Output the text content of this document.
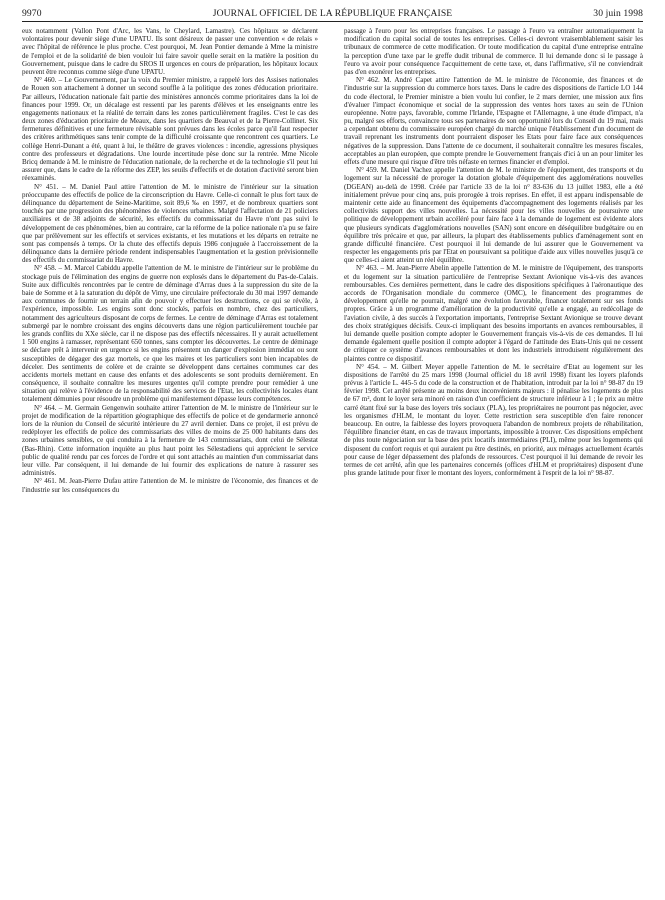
9970	JOURNAL OFFICIEL DE LA RÉPUBLIQUE FRANÇAISE	30 juin 1998

eux notamment (Vallon Pont d'Arc, les Vans, le Cheylard, Lamastre). Ces hôpitaux se déclarent volontaires pour devenir siège d'une UPATU. Ils sont désireux de passer une convention « de relais » avec l'hôpital de référence le plus proche. C'est pourquoi, M. Jean Pontier demande à Mme la ministre de l'emploi et de la solidarité de bien vouloir lui faire savoir quelle serait en la matière la position du Gouvernement, puisque dans le cadre du SROS II urgences en cours de préparation, les hôpitaux locaux peuvent être reconnus comme siège d'une UPATU.

N° 460. – Le Gouvernement, par la voix du Premier ministre, a rappelé lors des Assises nationales de Rouen son attachement à donner un second souffle à la politique des zones d'éducation prioritaire. Par ailleurs, l'éducation nationale fait partie des ministères annoncés comme prioritaires dans la loi de finances pour 1999. Or, un décalage est ressenti par les parents d'élèves et les enseignants entre les engagements nationaux et la réalité de terrain dans les zones particulièrement fragiles. C'est le cas des deux zones d'éducation prioritaire de Meaux, dans les quartiers de Beauval et de la Pierre-Collinet. Six fermetures définitives et une fermeture révisable sont prévues dans les écoles parce qu'il faut respecter des critères arithmétiques sans tenir compte de la difficulté croissante que rencontrent ces quartiers. Le collège Henri-Dunant a été, quant à lui, le théâtre de graves violences : incendie, agressions physiques contre des professeurs et dégradations. Une lourde incertitude pèse donc sur la rentrée. Mme Nicole Bricq demande à M. le ministre de l'éducation nationale, de la recherche et de la technologie s'il peut lui assurer que, dans le cadre de la réforme des ZEP, les seuils d'effectifs et de dotation d'activité seront bien réexaminés.

N° 451. – M. Daniel Paul attire l'attention de M. le ministre de l'intérieur sur la situation préoccupante des effectifs de police de la circonscription du Havre. Celle-ci connaît le plus fort taux de délinquance du département de Seine-Maritime, soit 89,6 ‰ en 1997, et de nombreux quartiers sont touchés par une progression des phénomènes de violences urbaines. Malgré l'affectation de 21 policiers auxiliaires et de 38 adjoints de sécurité, les effectifs du commissariat du Havre n'ont pas suivi le développement de ces phénomènes, bien au contraire, car la réforme de la police nationale n'a pu se faire que par prélèvement sur les effectifs et services existants, et les mutations et les départs en retraite ne sont pas compensés à temps. Or la chute des effectifs depuis 1986 conjuguée à l'accroissement de la délinquance dans la dernière période rendent indispensables l'augmentation et la gestion prévisionnelle des effectifs du commissariat du Havre.

N° 458. – M. Marcel Cabiddu appelle l'attention de M. le ministre de l'intérieur sur le problème du stockage puis de l'élimination des engins de guerre non explosés dans le département du Pas-de-Calais. Suite aux difficultés rencontrées par le centre de déminage d'Arras dues à la suppression du site de la baie de Somme et à la saturation du dépôt de Vimy, une circulaire préfectorale du 30 mai 1997 demande aux communes de fournir un terrain afin de pouvoir y effectuer les destructions, ce qui se révèle, à l'expérience, impossible. Les engins sont donc stockés, parfois en nombre, chez des particuliers, notamment des agriculteurs disposant de corps de fermes. Le centre de déminage d'Arras est totalement submergé par le nombre croissant des engins découverts dans une région particulièrement touchée par les grands conflits du XXe siècle, car il ne dispose pas des effectifs nécessaires. Il y aurait actuellement 1 500 engins à ramasser, représentant 650 tonnes, sans compter les découvertes. Le centre de déminage se déclare prêt à intervenir en urgence si les engins présentent un danger d'explosion immédiat ou sont susceptibles de dégager des gaz mortels, ce que les maires et les particuliers sont bien incapables de déceler. Des sentiments de colère et de crainte se développent dans certaines communes car des accidents mortels mettant en cause des enfants et des adolescents se sont produits dernièrement. En conséquence, il souhaite connaître les mesures urgentes qu'il compte prendre pour remédier à une situation qui relève à l'évidence de la responsabilité des services de l'Etat, les collectivités locales étant totalement démunies pour résoudre un problème qui manifestement dépasse leurs compétences.

N° 464. – M. Germain Gengenwin souhaite attirer l'attention de M. le ministre de l'intérieur sur le projet de modification de la répartition géographique des effectifs de police et de gendarmerie annoncé lors de la réunion du Conseil de sécurité intérieure du 27 avril dernier. Dans ce projet, il est prévu de redéployer les effectifs de police des commissariats des villes de moins de 25 000 habitants dans des zones urbaines sensibles, ce qui conduira à la fermeture de 143 commissariats, dont celui de Sélestat (Bas-Rhin). Cette information inquiète au plus haut point les Sélestadiens qui apprécient le service public de qualité rendu par ces forces de l'ordre et qui sont attachés au maintien d'un commissariat dans leur ville. Par conséquent, il lui demande de lui fournir des explications de nature à rassurer ses administrés.

N° 461. M. Jean-Pierre Dufau attire l'attention de M. le ministre de l'économie, des finances et de l'industrie sur les conséquences du

passage à l'euro pour les entreprises françaises. Le passage à l'euro va entraîner automatiquement la modification du capital social de toutes les entreprises. Celles-ci devront vraisemblablement saisir les tribunaux de commerce de cette modification. Or toute modification du capital d'une entreprise entraîne la perception d'une taxe par le greffe dudit tribunal de commerce. Il lui demande donc si le passage à l'euro va avoir pour conséquence l'acquittement de cette taxe, et, dans l'affirmative, s'il ne conviendrait pas d'en exonérer les entreprises.

N° 462. M. André Capet attire l'attention de M. le ministre de l'économie, des finances et de l'industrie sur la suppression du commerce hors taxes. Dans le cadre des dispositions de l'article LO 144 du code électoral, le Premier ministre a bien voulu lui confier, le 2 mars dernier, une mission aux fins d'évaluer l'impact économique et social de la suppression des ventes hors taxes au sein de l'Union européenne. Notre pays, favorable, comme l'Irlande, l'Espagne et l'Allemagne, à une étude d'impact, n'a pu, malgré ses efforts, convaincre tous ses partenaires de son opportunité lors du Conseil du 19 mai, mais a cependant obtenu du commissaire européen chargé du marché unique l'établissement d'un document de travail reprenant les instruments dont pourraient disposer les Etats pour faire face aux conséquences négatives de la suppression. Dans l'attente de ce document, il souhaiterait connaître les mesures fiscales, acceptables au plan européen, que compte prendre le Gouvernement français d'ici à un an pour limiter les effets d'une mesure qui risque d'être très néfaste en termes financier et d'emploi.

N° 459. M. Daniel Vachez appelle l'attention de M. le ministre de l'équipement, des transports et du logement sur la nécessité de proroger la dotation globale d'équipement des agglomérations nouvelles (DGEAN) au-delà de 1998. Créée par l'article 33 de la loi n° 83-636 du 13 juillet 1983, elle a été initialement prévue pour cinq ans, puis prorogée à trois reprises. En effet, il est apparu indispensable de maintenir cette aide au financement des équipements d'accompagnement des logements réalisés par les collectivités support des villes nouvelles. La nécessité pour les villes nouvelles de poursuivre une politique de développement urbain accéléré pour faire face à la demande de logement est évidente alors que plusieurs syndicats d'agglomérations nouvelles (SAN) sont encore en déséquilibre budgétaire ou en équilibre très précaire et que, par ailleurs, la plupart des établissements publics d'aménagement sont en grande difficulté financière. C'est pourquoi il lui demande de lui assurer que le Gouvernement va respecter les engagements pris par l'Etat en poursuivant sa politique d'aide aux villes nouvelles jusqu'à ce que celles-ci aient atteint un réel équilibre.

N° 463. – M. Jean-Pierre Abelin appelle l'attention de M. le ministre de l'équipement, des transports et du logement sur la situation particulière de l'entreprise Sextant Avionique vis-à-vis des avances remboursables. Ces dernières permettent, dans le cadre des dispositions spécifiques à l'aéronautique des accords de l'Organisation mondiale du commerce (OMC), le financement des programmes de développement qu'elle ne pourrait, malgré une évolution favorable, financer totalement sur ses fonds propres. Grâce à un programme d'amélioration de la productivité qu'elle a engagé, au redécollage de l'aviation civile, à des succès à l'exportation importants, l'entreprise Sextant Avionique se trouve devant des choix stratégiques décisifs. Ceux-ci impliquant des besoins importants en avances remboursables, il lui demande quelle position compte adopter le Gouvernement français vis-à-vis de ces demandes. Il lui demande également quelle position il compte adopter à l'égard de l'attitude des Etats-Unis qui ne cessent de critiquer ce système d'avances remboursables et dont les industriels introduisent régulièrement des plaintes contre ce dispositif.

N° 454. – M. Gilbert Meyer appelle l'attention de M. le secrétaire d'Etat au logement sur les dispositions de l'arrêté du 25 mars 1998 (Journal officiel du 18 avril 1998) fixant les loyers plafonds prévus à l'article L. 445-5 du code de la construction et de l'habitation, introduit par la loi n° 98-87 du 19 février 1998. Cet arrêté présente au moins deux inconvénients majeurs : il pénalise les logements de plus de 67 m², dont le loyer sera minoré en raison d'un coefficient de structure inférieur à 1 ; le prix au mètre carré étant fixé sur la base des loyers très sociaux (PLA), les propriétaires ne pourront pas négocier, avec les organismes d'HLM, le montant du loyer. Cette restriction sera susceptible d'en faire renoncer beaucoup. En outre, la faiblesse des loyers provoquera l'abandon de nombreux projets de réhabilitation, l'équilibre financier étant, en cas de travaux importants, impossible à trouver. Ces dispositions empêchent de plus toute négociation sur la base des prix locatifs intermédiaires (PLI), même pour les logements qui disposent du confort requis et qui auraient pu être destinés, en priorité, aux ménages actuellement écartés pour cause de léger dépassement des plafonds de ressources. C'est pourquoi il lui demande de revoir les termes de cet arrêté, afin que les partenaires concernés (offices d'HLM et propriétaires) disposent d'une plus grande latitude pour fixer le montant des loyers, conformément à l'esprit de la loi n° 98-87.
